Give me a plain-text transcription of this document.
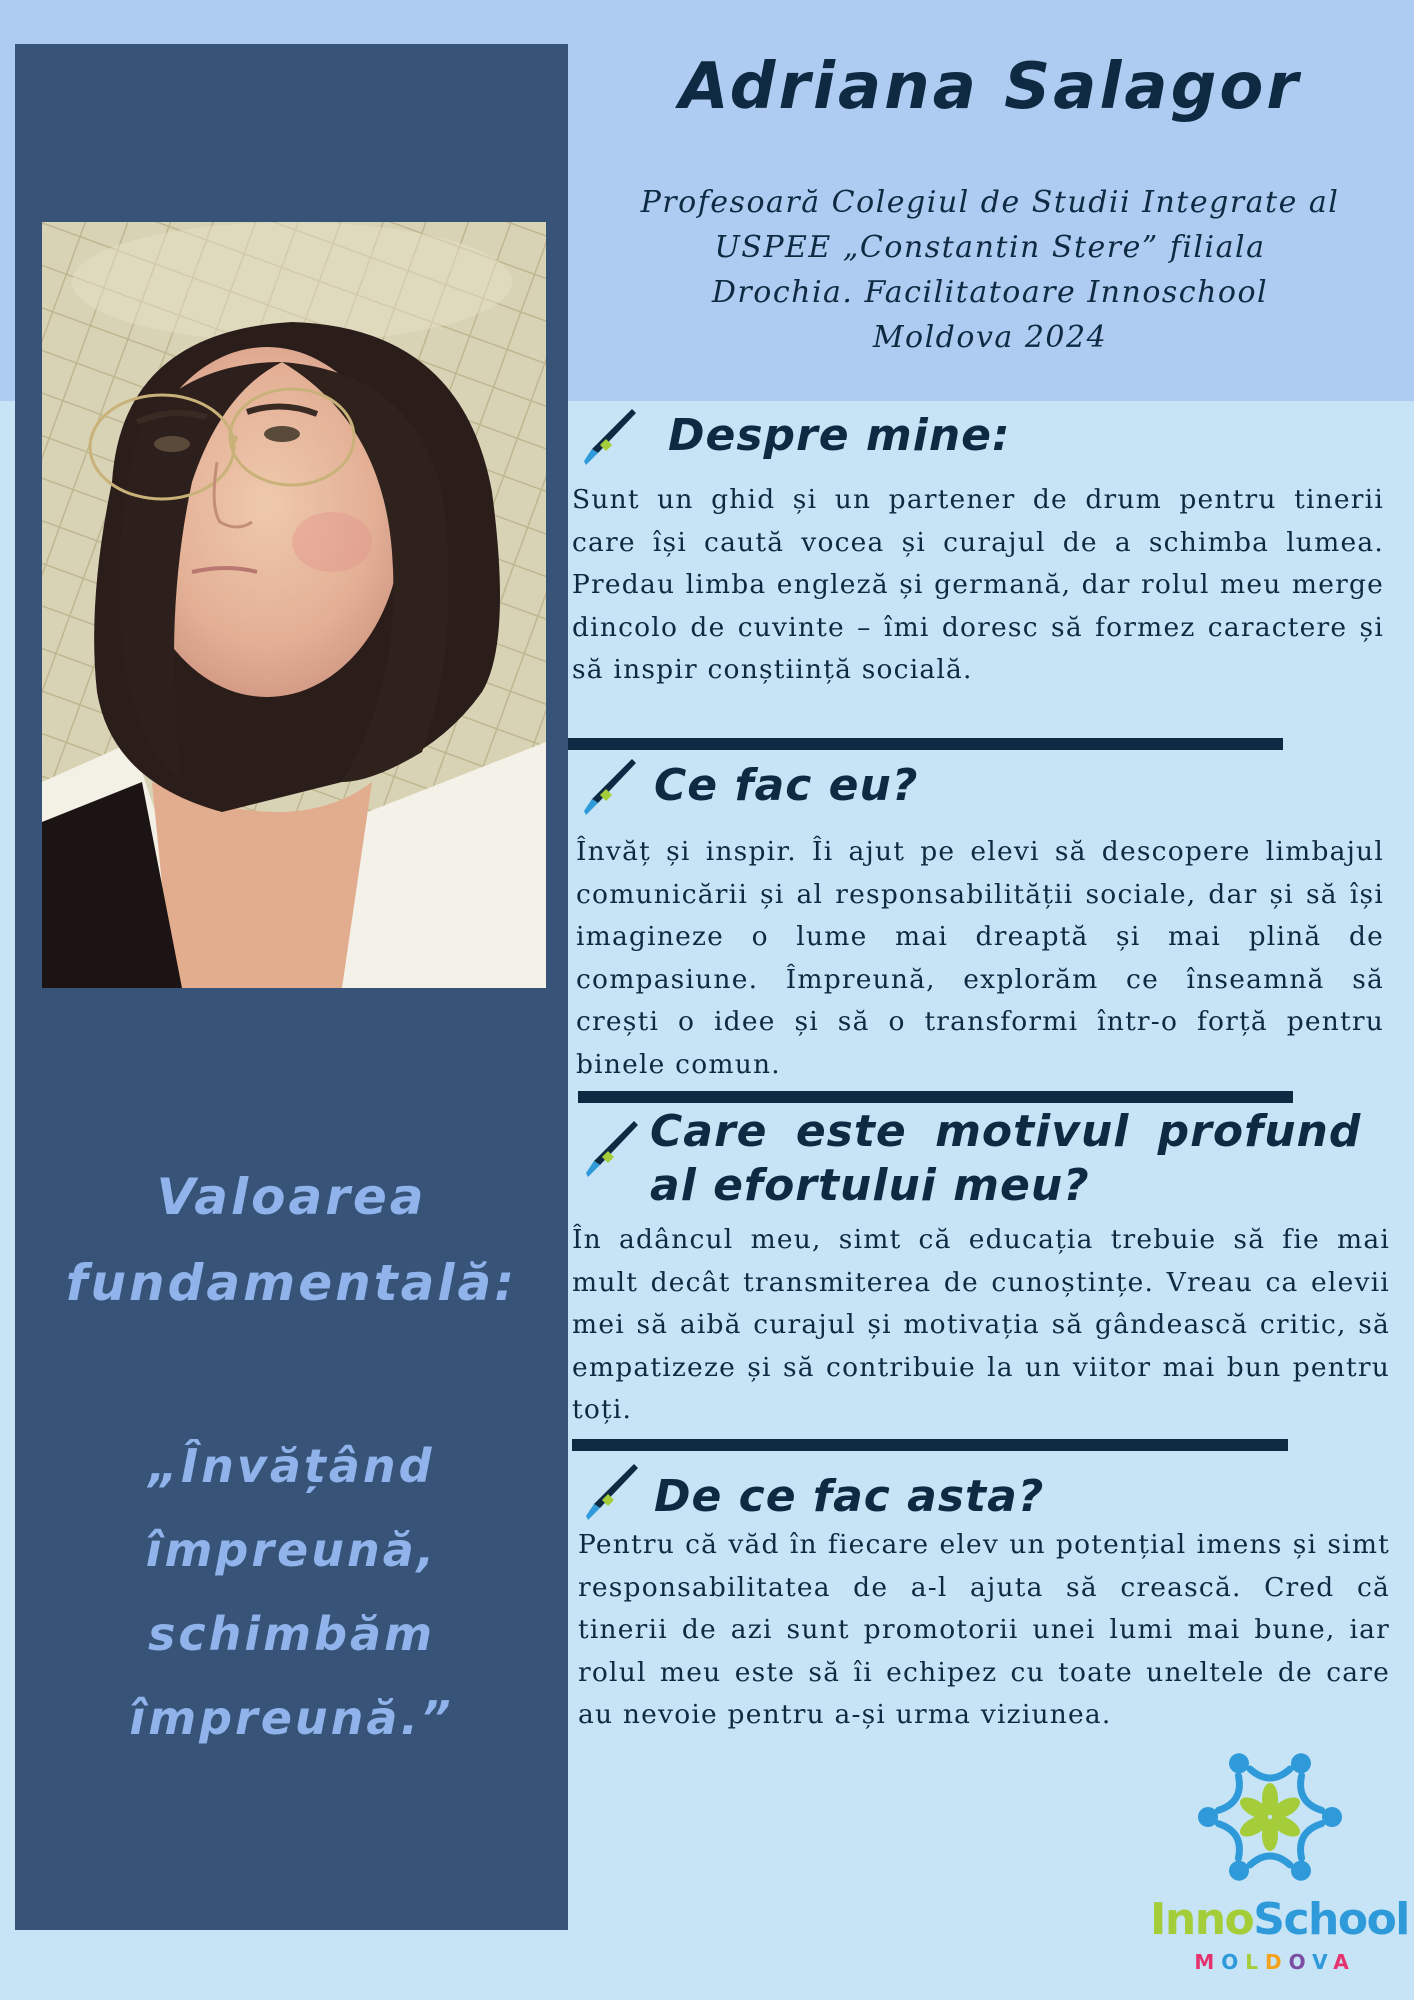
Valoarea
fundamentală:
„Învățând
împreună,
schimbăm
împreună.”
Adriana Salagor
Profesoară Colegiul de Studii Integrate al USPEE „Constantin Stere” filiala Drochia. Facilitatoare Innoschool Moldova 2024
Despre mine:

Sunt un ghid și un partener de drum pentru tinerii care își caută vocea și curajul de a schimba lumea. Predau limba engleză și germană, dar rolul meu merge dincolo de cuvinte – îmi doresc să formez caractere și să inspir conștiință socială.

Ce fac eu?

Învăț și inspir. Îi ajut pe elevi să descopere limbajul comunicării și al responsabilității sociale, dar și să își imagineze o lume mai dreaptă și mai plină de compasiune. Împreună, explorăm ce înseamnă să crești o idee și să o transformi într-o forță pentru binele comun.

Care este motivul profund
al efortului meu?

În adâncul meu, simt că educația trebuie să fie mai mult decât transmiterea de cunoștințe. Vreau ca elevii mei să aibă curajul și motivația să gândească critic, să empatizeze și să contribuie la un viitor mai bun pentru toți.

De ce fac asta?

Pentru că văd în fiecare elev un potențial imens și simt responsabilitatea de a-l ajuta să crească. Cred că tinerii de azi sunt promotorii unei lumi mai bune, iar rolul meu este să îi echipez cu toate uneltele de care au nevoie pentru a-și urma viziunea.

InnoSchool
MOLDOVA
